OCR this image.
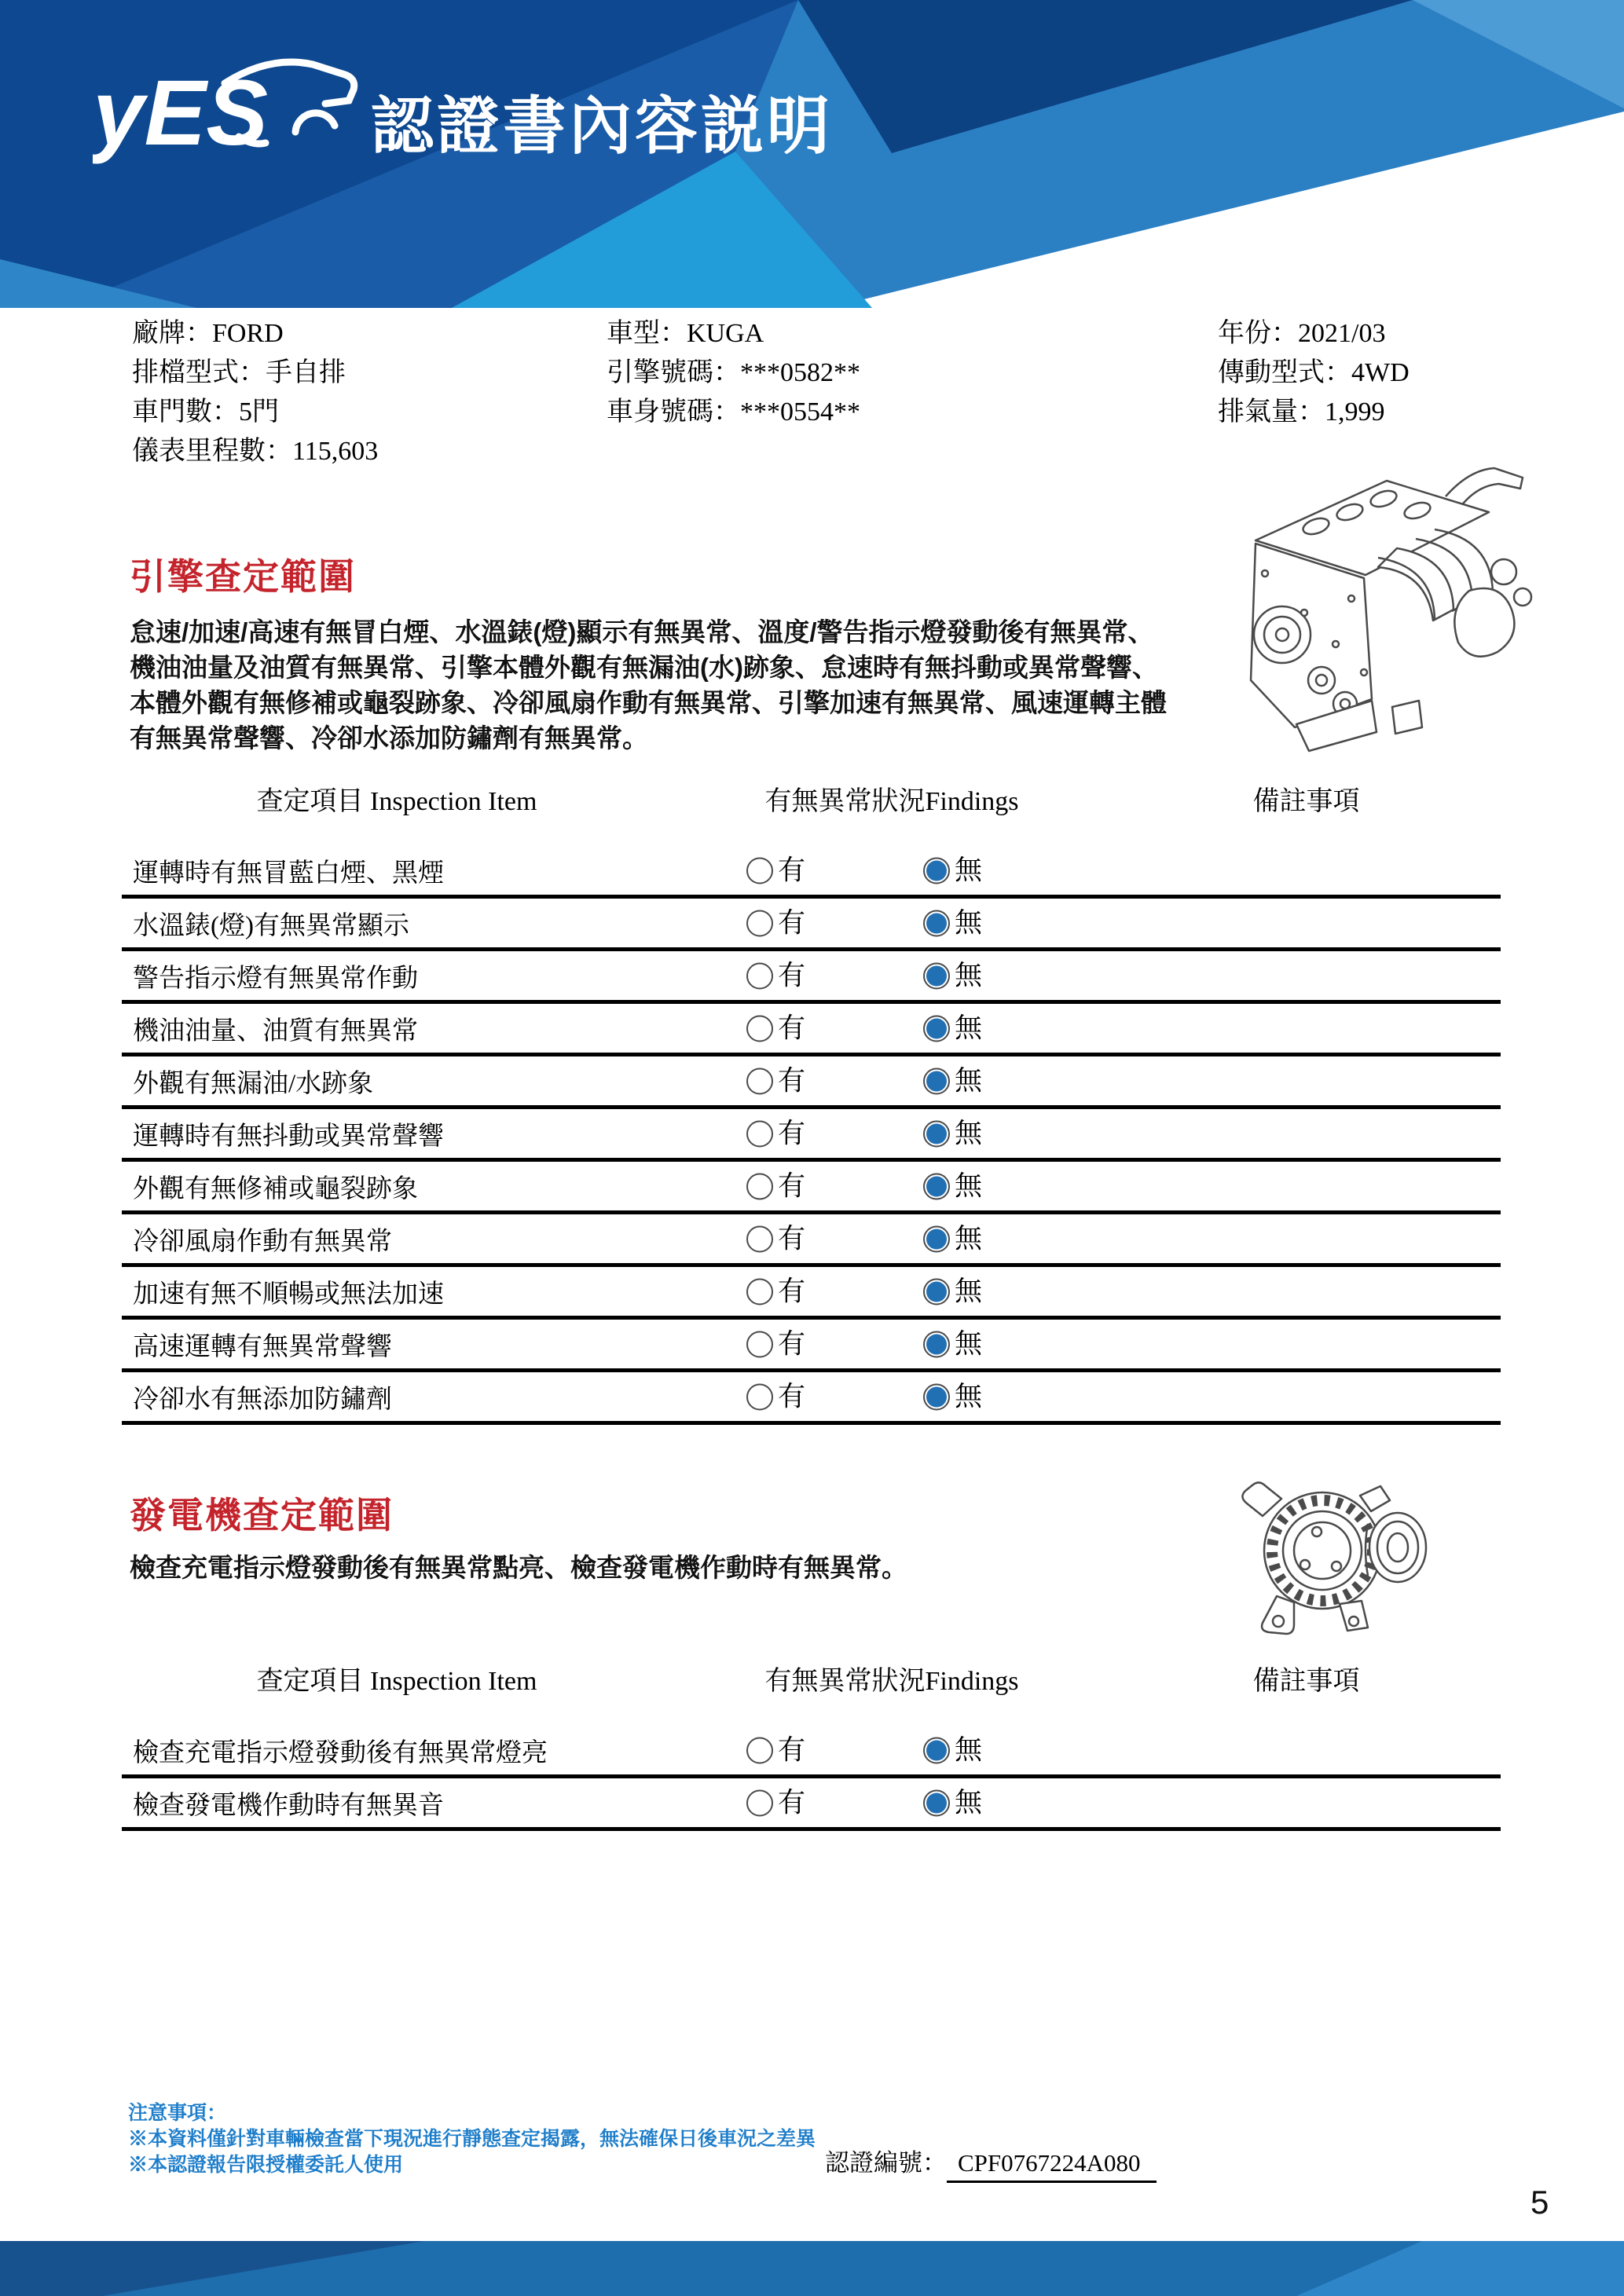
yES 認證書內容説明
廠牌：FORD
排檔型式：手自排
車門數：5門
儀表里程數：115,603
車型：KUGA
引擎號碼：***0582**
車身號碼：***0554**
年份：2021/03
傳動型式：4WD
排氣量：1,999
引擎查定範圍
怠速/加速/高速有無冒白煙、水溫錶(燈)顯示有無異常、溫度/警告指示燈發動後有無異常、
機油油量及油質有無異常、引擎本體外觀有無漏油(水)跡象、怠速時有無抖動或異常聲響、
本體外觀有無修補或龜裂跡象、冷卻風扇作動有無異常、引擎加速有無異常、風速運轉主體
有無異常聲響、冷卻水添加防鏽劑有無異常。
查定項目 Inspection Item	有無異常狀況Findings	備註事項
運轉時有無冒藍白煙、黑煙	有	無
水溫錶(燈)有無異常顯示	有	無
警告指示燈有無異常作動	有	無
機油油量、油質有無異常	有	無
外觀有無漏油/水跡象	有	無
運轉時有無抖動或異常聲響	有	無
外觀有無修補或龜裂跡象	有	無
冷卻風扇作動有無異常	有	無
加速有無不順暢或無法加速	有	無
高速運轉有無異常聲響	有	無
冷卻水有無添加防鏽劑	有	無
發電機查定範圍
檢查充電指示燈發動後有無異常點亮、檢查發電機作動時有無異常。
查定項目 Inspection Item	有無異常狀況Findings	備註事項
檢查充電指示燈發動後有無異常燈亮	有	無
檢查發電機作動時有無異音	有	無
注意事項：
※本資料僅針對車輛檢查當下現況進行靜態查定揭露，無法確保日後車況之差異
※本認證報告限授權委託人使用	認證編號： CPF0767224A080
5
